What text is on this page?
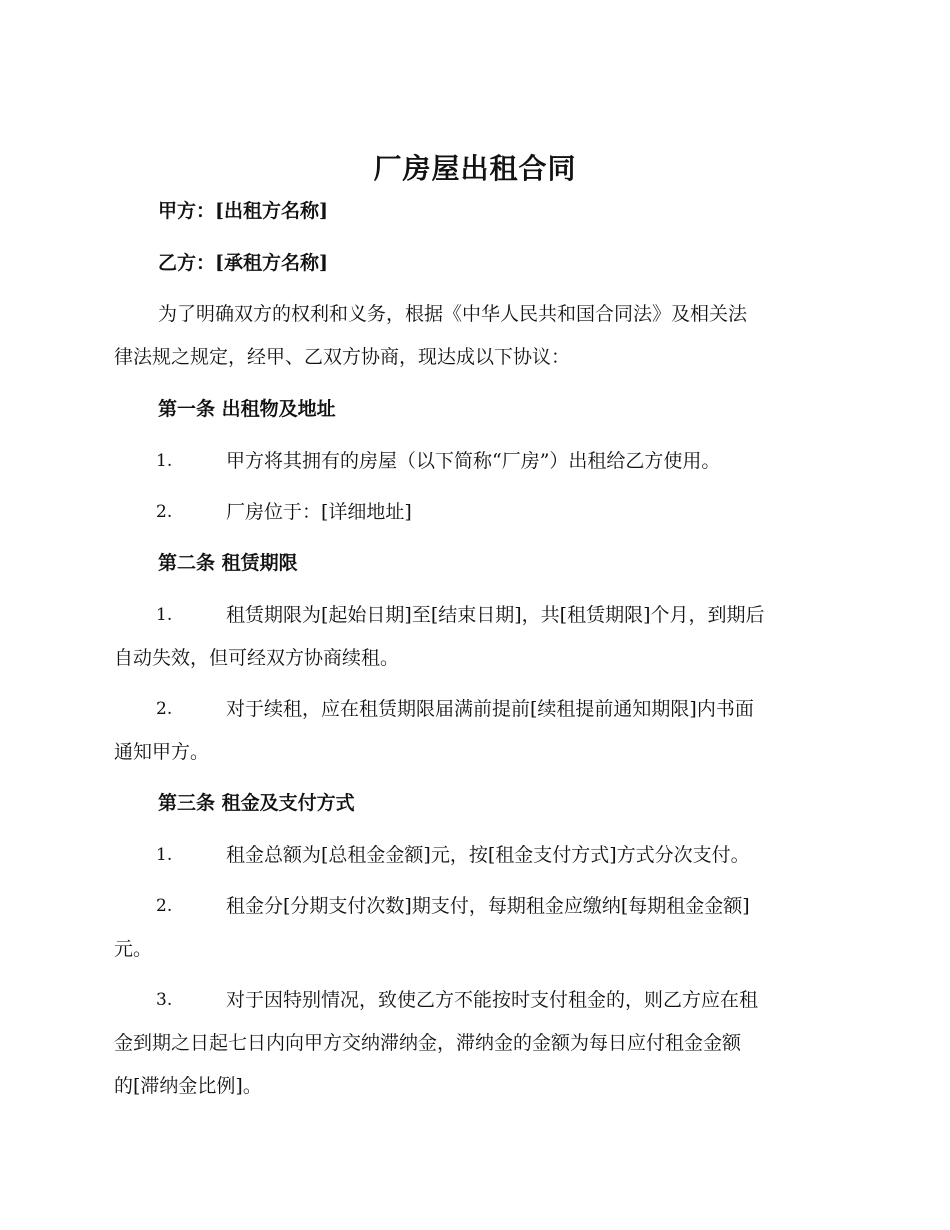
厂房屋出租合同
甲方：[出租方名称]
乙方：[承租方名称]
为了明确双方的权利和义务，根据《中华人民共和国合同法》及相关法
律法规之规定，经甲、乙双方协商，现达成以下协议：
第一条 出租物及地址
1.	甲方将其拥有的房屋（以下简称“厂房”）出租给乙方使用。
2.	厂房位于：[详细地址]
第二条 租赁期限
1.	租赁期限为[起始日期]至[结束日期]，共[租赁期限]个月，到期后
自动失效，但可经双方协商续租。
2.	对于续租，应在租赁期限届满前提前[续租提前通知期限]内书面
通知甲方。
第三条 租金及支付方式
1.	租金总额为[总租金金额]元，按[租金支付方式]方式分次支付。
2.	租金分[分期支付次数]期支付，每期租金应缴纳[每期租金金额]
元。
3.	对于因特别情况，致使乙方不能按时支付租金的，则乙方应在租
金到期之日起七日内向甲方交纳滞纳金，滞纳金的金额为每日应付租金金额
的[滞纳金比例]。
